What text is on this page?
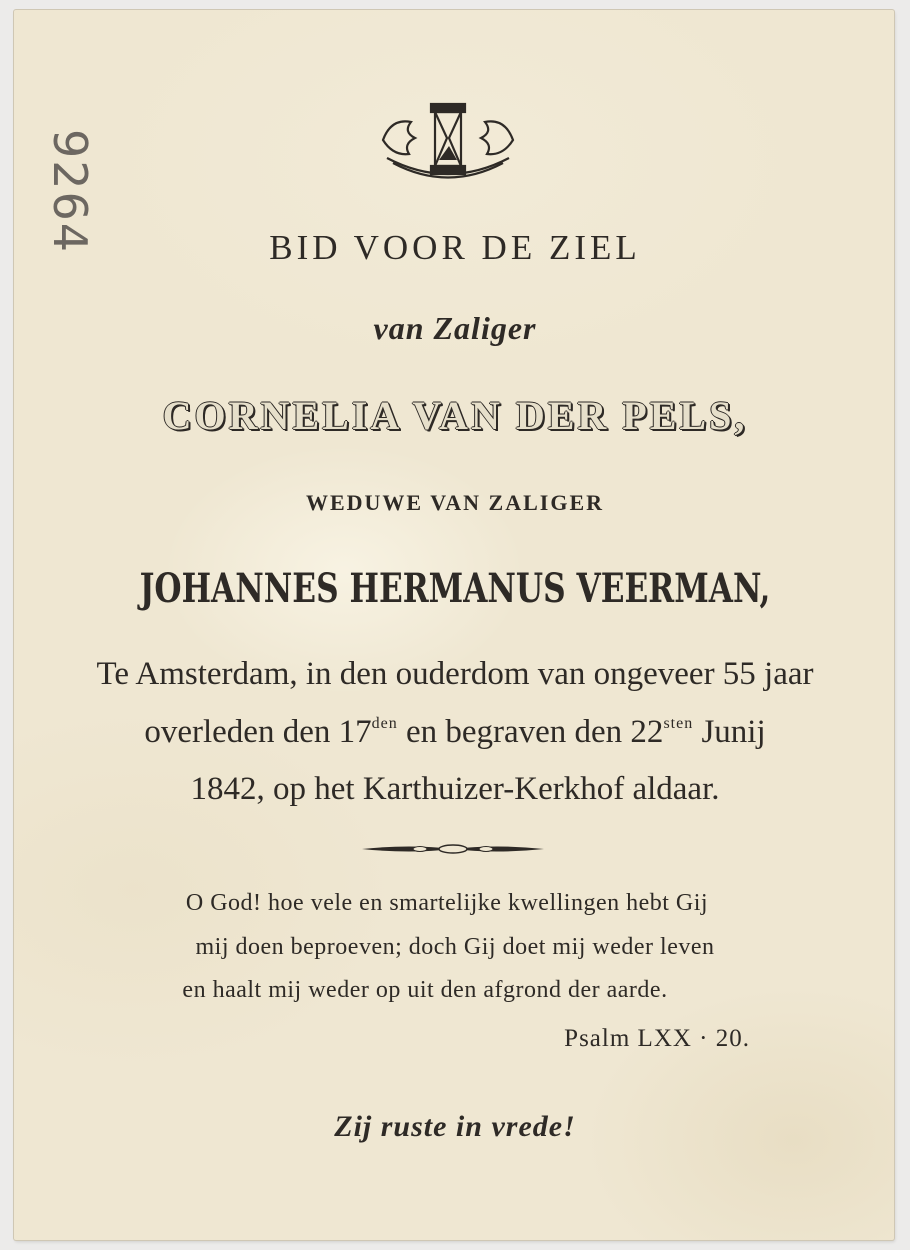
9264	BID VOOR DE ZIEL
van Zaliger
CORNELIA VAN DER PELS,
WEDUWE VAN ZALIGER
JOHANNES HERMANUS VEERMAN,
Te Amsterdam, in den ouderdom van ongeveer 55 jaar
overleden den $17^{den}$ en begraven den $22^{sten}$ Junij
1842, op het Karthuizer-Kerkhof aldaar.
O God! hoe vele en smartelijke kwellingen hebt Gij
mij doen beproeven; doch Gij doet mij weder leven
en haalt mij weder op uit den afgrond der aarde.
Psalm LXX · 20.
Zij ruste in vrede!
